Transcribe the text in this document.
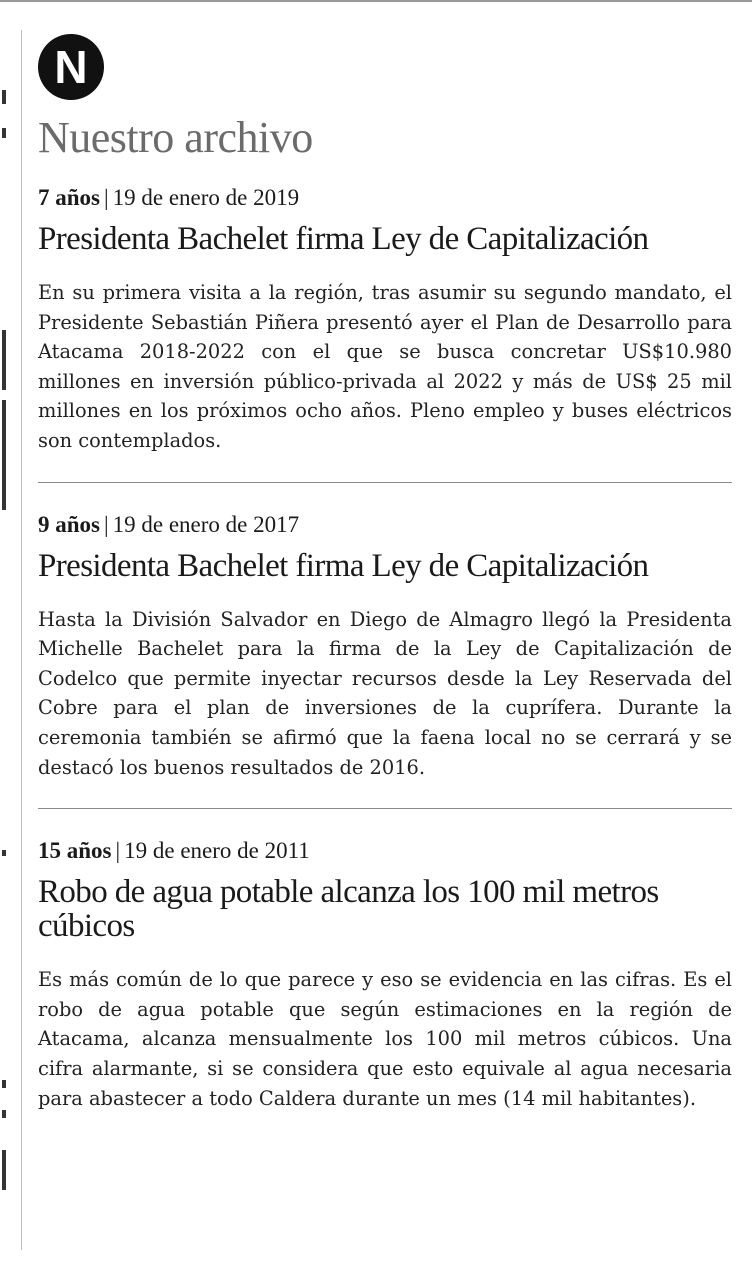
N
Nuestro archivo
7 años | 19 de enero de 2019
Presidenta Bachelet firma Ley de Capitalización

En su primera visita a la región, tras asumir su segundo mandato, el Presidente Sebastián Piñera presentó ayer el Plan de Desarrollo para Atacama 2018-2022 con el que se busca concretar US$10.980 millones en inversión público-privada al 2022 y más de US$ 25 mil millones en los próximos ocho años. Pleno empleo y buses eléctricos son contemplados.

9 años | 19 de enero de 2017
Presidenta Bachelet firma Ley de Capitalización

Hasta la División Salvador en Diego de Almagro llegó la Presidenta Michelle Bachelet para la firma de la Ley de Capitalización de Codelco que permite inyectar recursos desde la Ley Reservada del Cobre para el plan de inversiones de la cuprífera. Durante la ceremonia también se afirmó que la faena local no se cerrará y se destacó los buenos resultados de 2016.

15 años | 19 de enero de 2011
Robo de agua potable alcanza los 100 mil metros cúbicos

Es más común de lo que parece y eso se evidencia en las cifras. Es el robo de agua potable que según estimaciones en la región de Atacama, alcanza mensualmente los 100 mil metros cúbicos. Una cifra alarmante, si se considera que esto equivale al agua necesaria para abastecer a todo Caldera durante un mes (14 mil habitantes).
